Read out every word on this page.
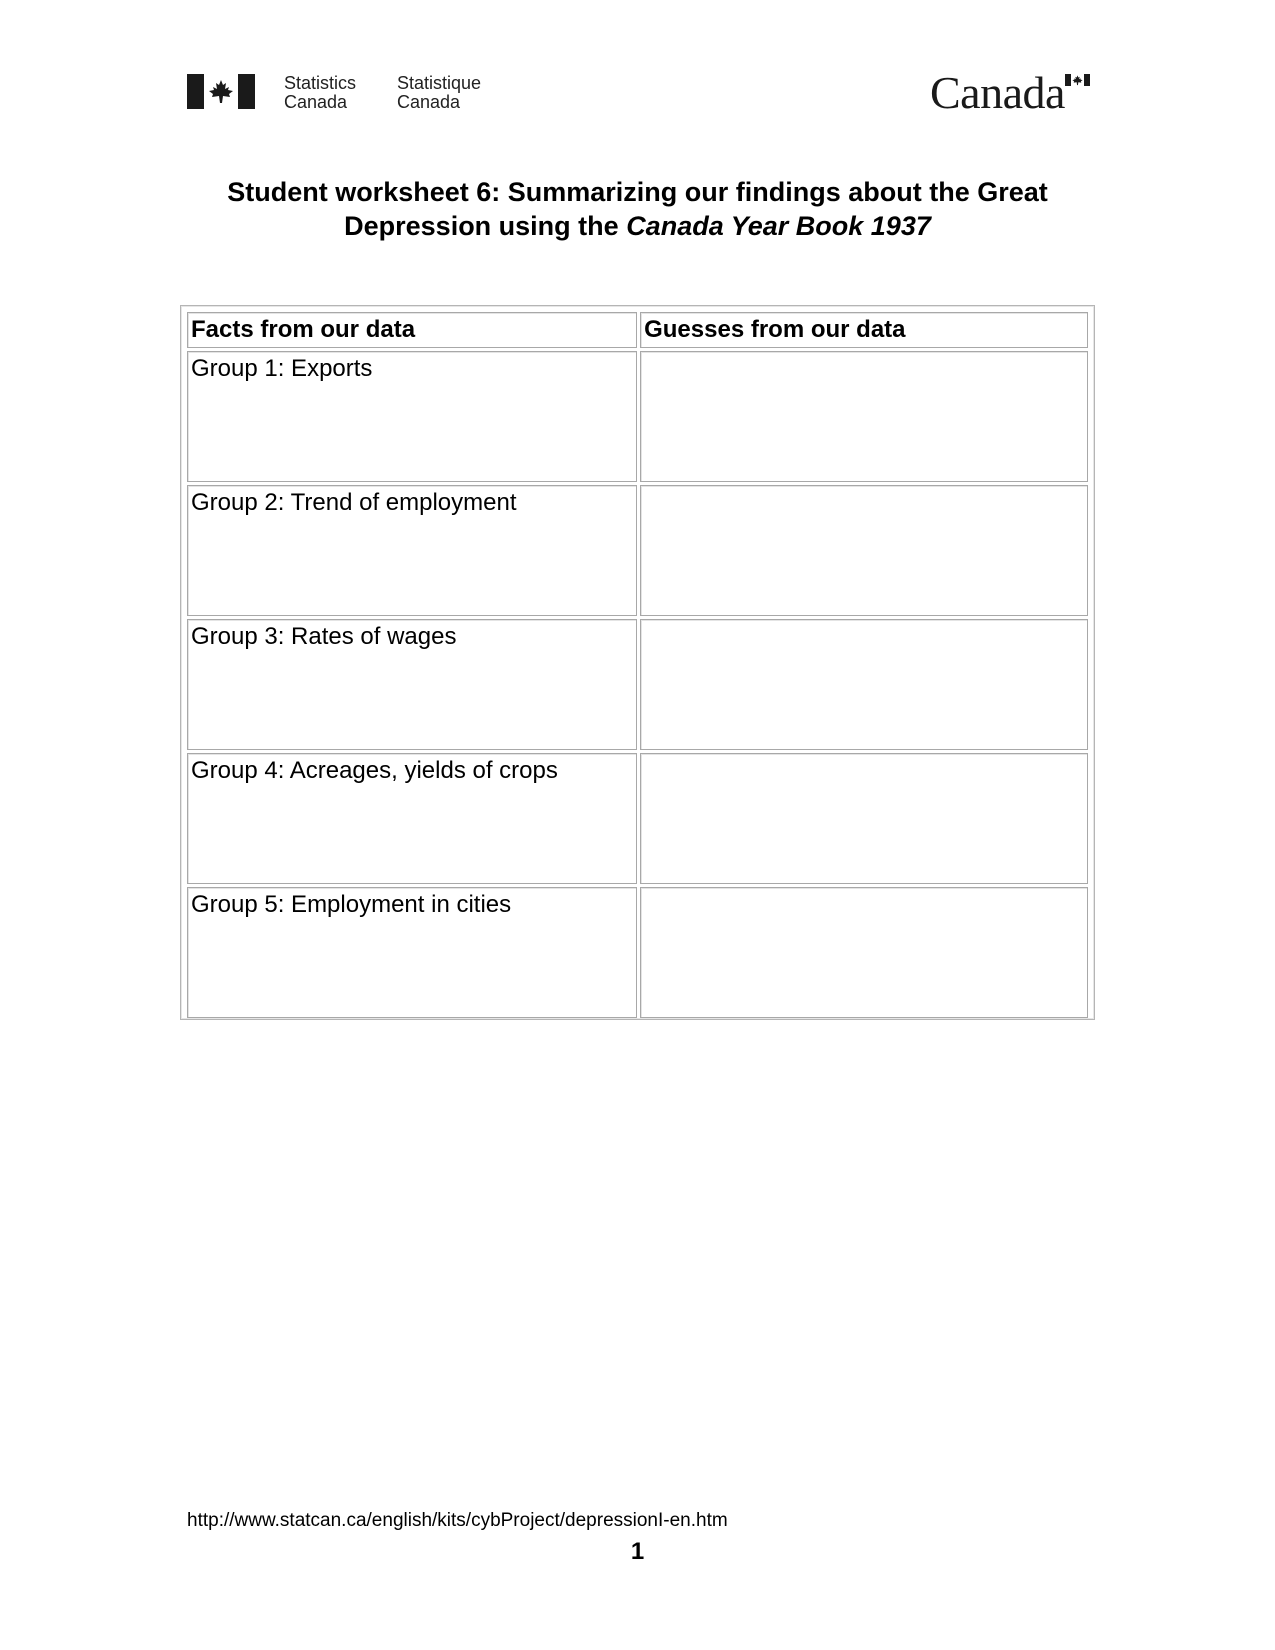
Statistics
Canada
Statistique
Canada	Canada
Student worksheet 6: Summarizing our findings about the Great
Depression using the Canada Year Book 1937
Facts from our data	Guesses from our data
Group 1: Exports	
Group 2: Trend of employment	
Group 3: Rates of wages	
Group 4: Acreages, yields of crops	
Group 5: Employment in cities	
http://www.statcan.ca/english/kits/cybProject/depressionI-en.htm
1
